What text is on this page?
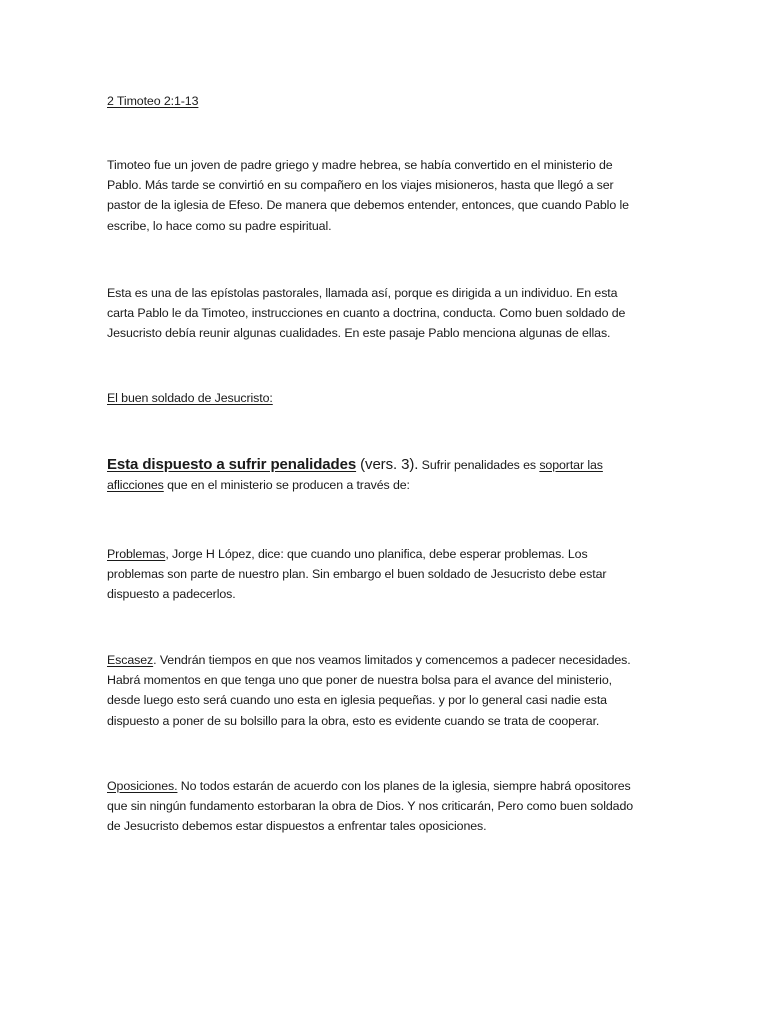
2 Timoteo 2:1-13
Timoteo fue un joven de padre griego y madre hebrea, se había convertido en el ministerio de Pablo. Más tarde se convirtió en su compañero en los viajes misioneros, hasta que llegó a ser pastor de la iglesia de Efeso. De manera que debemos entender, entonces, que cuando Pablo le escribe, lo hace como su padre espiritual.
Esta es una de las epístolas pastorales, llamada así, porque es dirigida a un individuo. En esta carta Pablo le da Timoteo, instrucciones en cuanto a doctrina, conducta. Como buen soldado de Jesucristo debía reunir algunas cualidades. En este pasaje Pablo menciona algunas de ellas.
El buen soldado de Jesucristo:
Esta dispuesto a sufrir penalidades (vers. 3). Sufrir penalidades es soportar las aflicciones que en el ministerio se producen a través de:
Problemas, Jorge H López, dice: que cuando uno planifica, debe esperar problemas. Los problemas son parte de nuestro plan. Sin embargo el buen soldado de Jesucristo debe estar dispuesto a padecerlos.
Escasez. Vendrán tiempos en que nos veamos limitados y comencemos a padecer necesidades. Habrá momentos en que tenga uno que poner de nuestra bolsa para el avance del ministerio, desde luego esto será cuando uno esta en iglesia pequeñas. y por lo general casi nadie esta dispuesto a poner de su bolsillo para la obra, esto es evidente cuando se trata de cooperar.
Oposiciones. No todos estarán de acuerdo con los planes de la iglesia, siempre habrá opositores que sin ningún fundamento estorbaran la obra de Dios. Y nos criticarán, Pero como buen soldado de Jesucristo debemos estar dispuestos a enfrentar tales oposiciones.
